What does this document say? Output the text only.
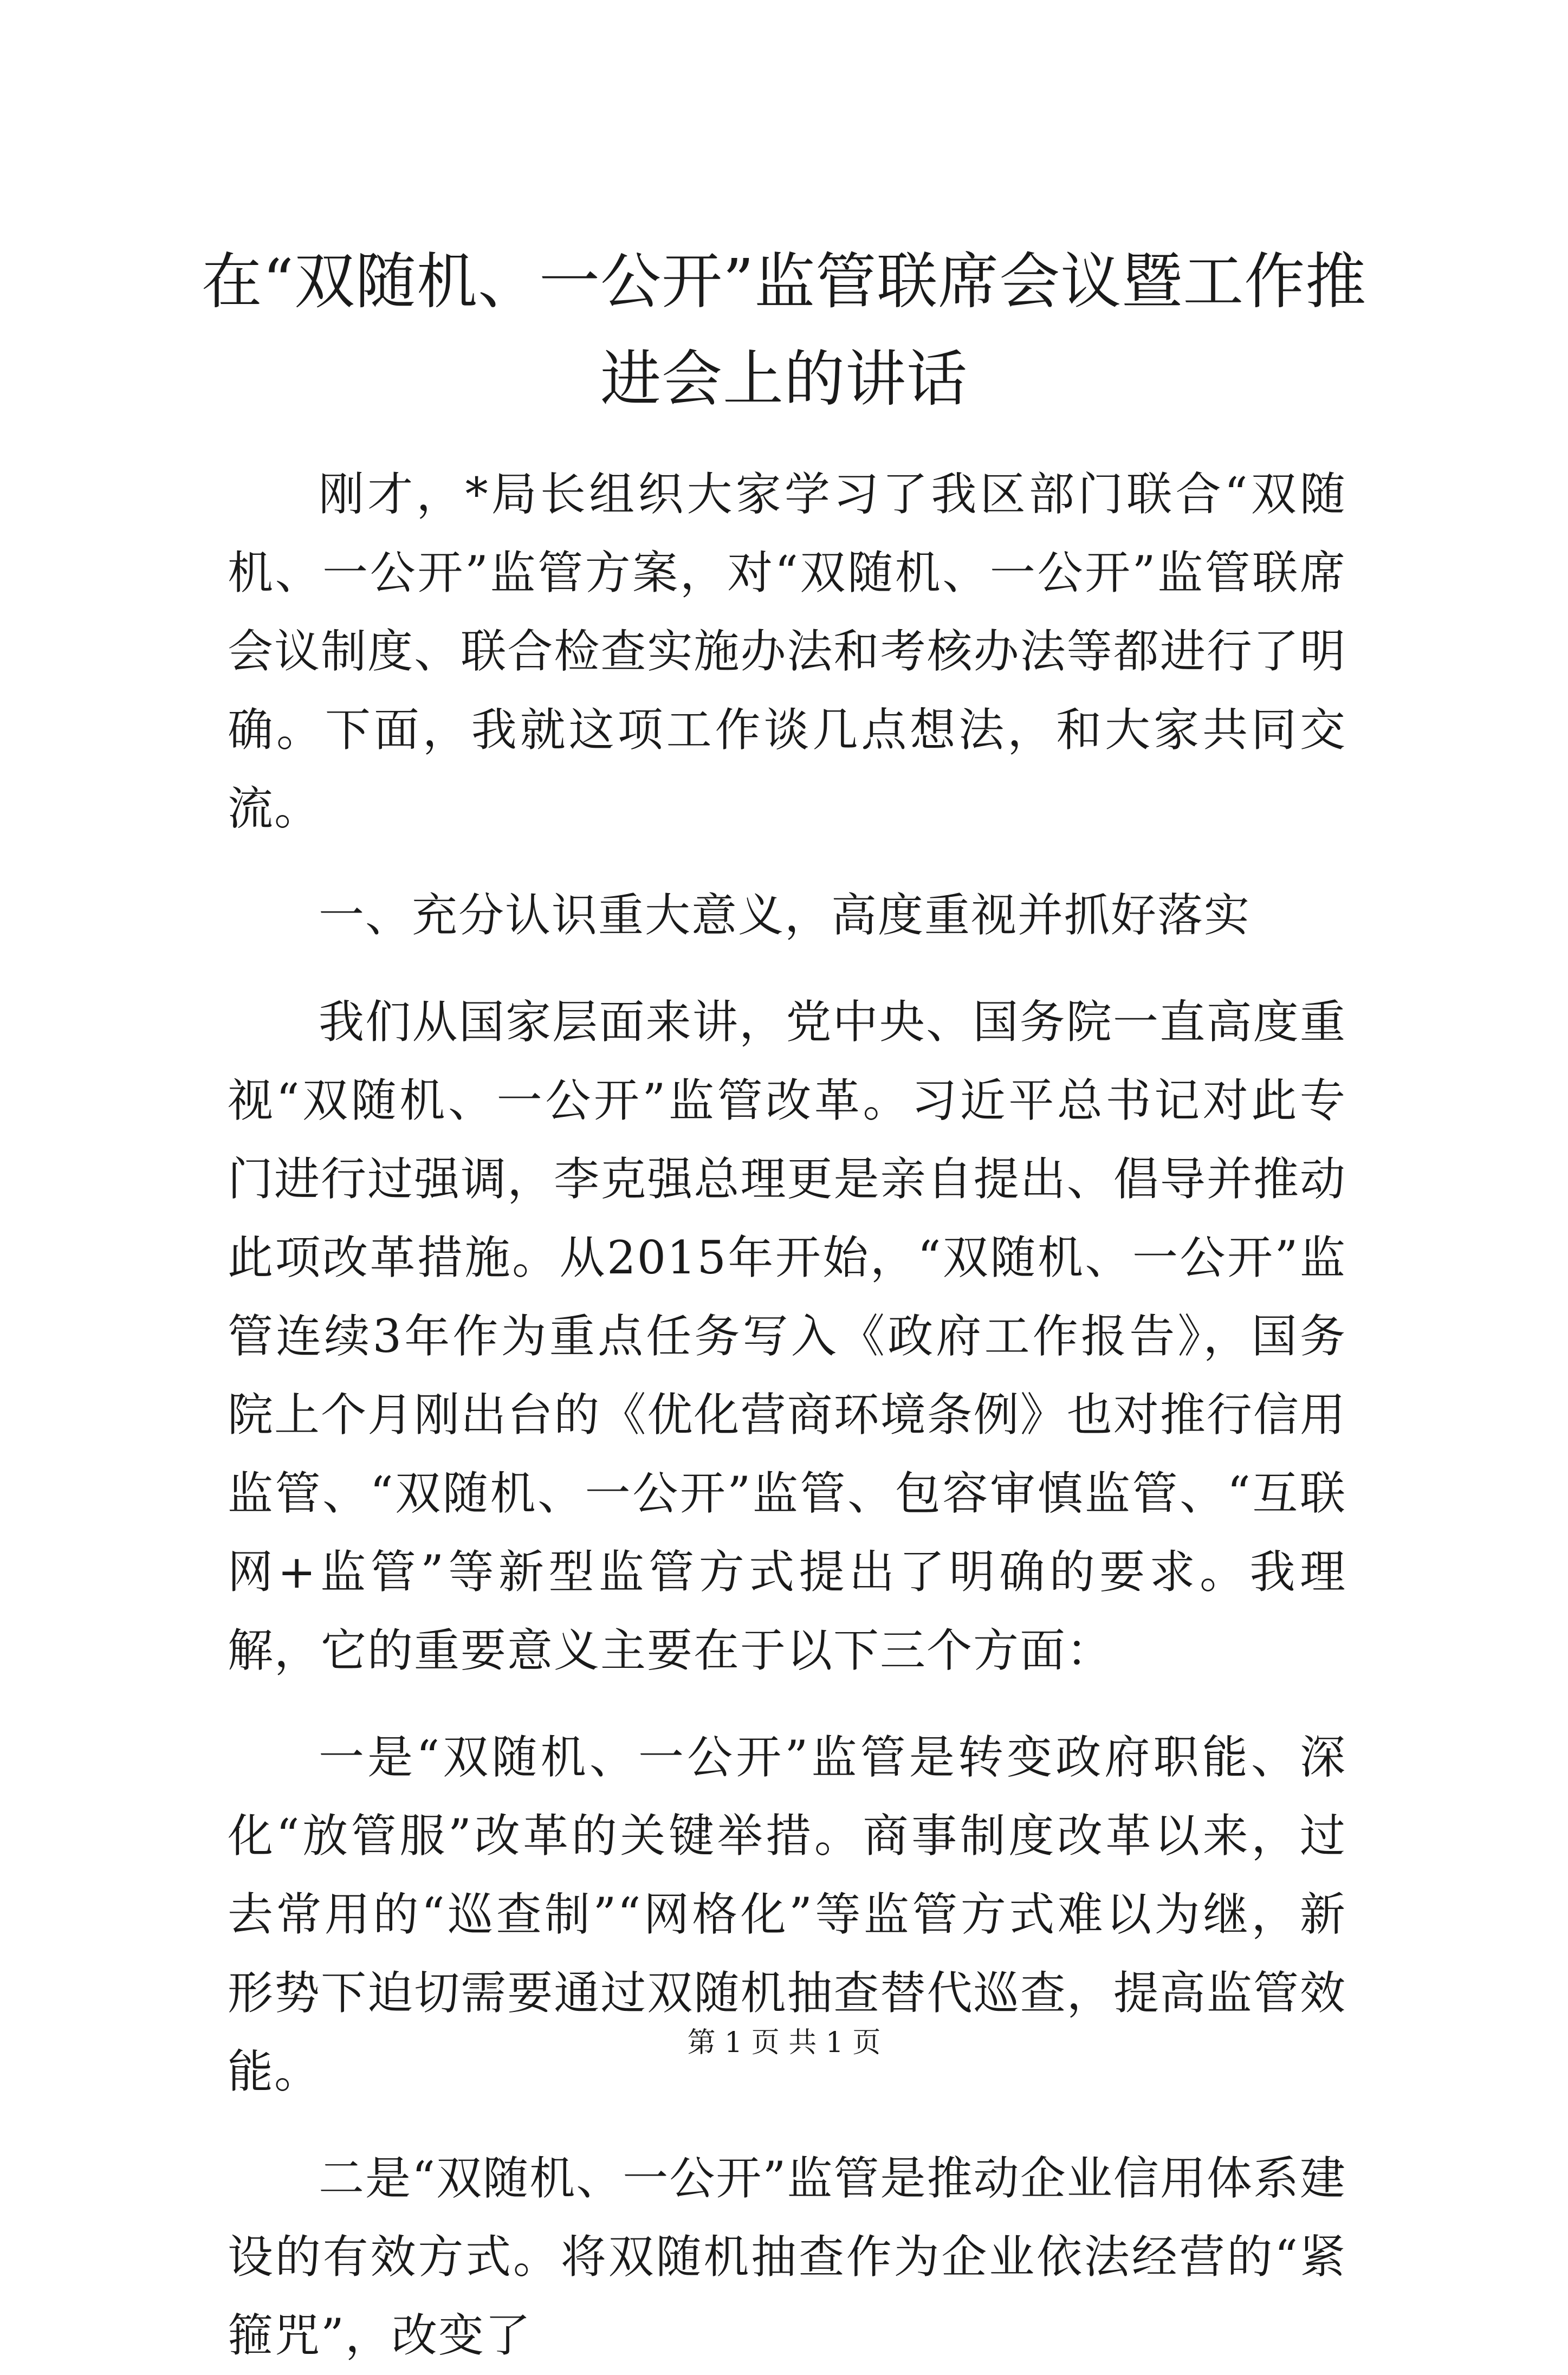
在“双随机、一公开”监管联席会议暨工作推进会上的讲话

刚才，*局长组织大家学习了我区部门联合“双随机、一公开”监管方案，对“双随机、一公开”监管联席会议制度、联合检查实施办法和考核办法等都进行了明确。下面，我就这项工作谈几点想法，和大家共同交流。

一、充分认识重大意义，高度重视并抓好落实

我们从国家层面来讲，党中央、国务院一直高度重视“双随机、一公开”监管改革。习近平总书记对此专门进行过强调，李克强总理更是亲自提出、倡导并推动此项改革措施。从2015年开始，“双随机、一公开”监管连续3年作为重点任务写入《政府工作报告》，国务院上个月刚出台的《优化营商环境条例》也对推行信用监管、“双随机、一公开”监管、包容审慎监管、“互联网+监管”等新型监管方式提出了明确的要求。我理解，它的重要意义主要在于以下三个方面：

一是“双随机、一公开”监管是转变政府职能、深化“放管服”改革的关键举措。商事制度改革以来，过去常用的“巡查制”“网格化”等监管方式难以为继，新形势下迫切需要通过双随机抽查替代巡查，提高监管效能。

二是“双随机、一公开”监管是推动企业信用体系建设的有效方式。将双随机抽查作为企业依法经营的“紧箍咒”，改变了

第 1 页 共 1 页
